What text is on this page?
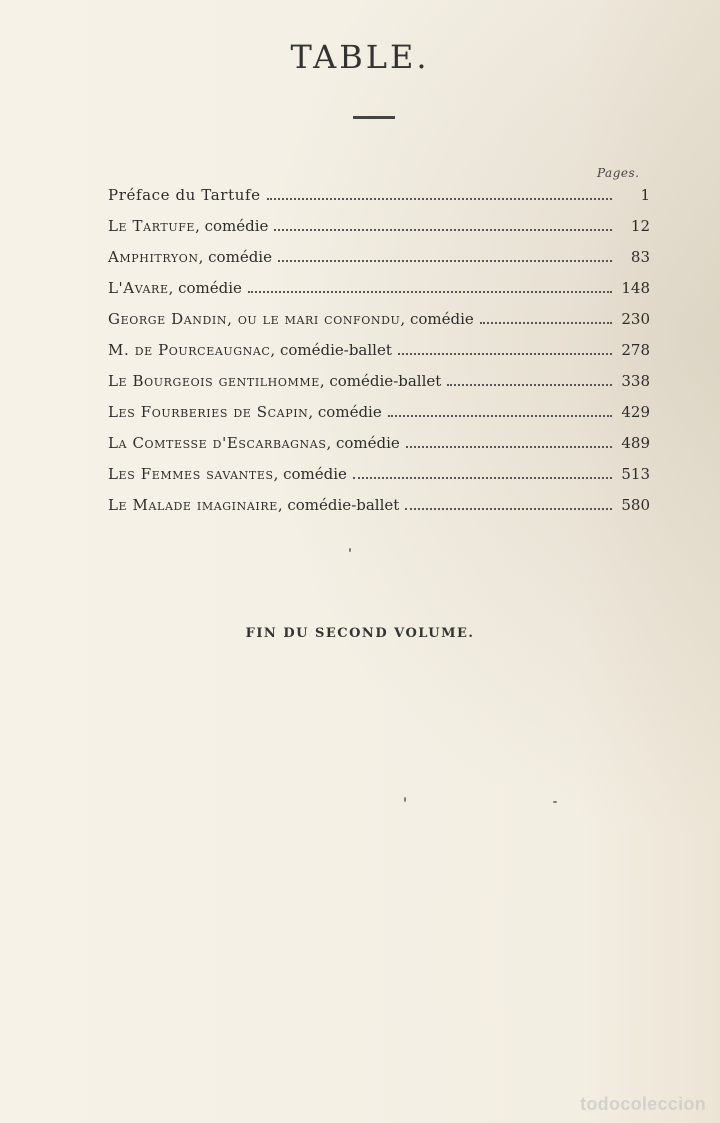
TABLE.
Pages.
Préface du Tartufe	1
Le Tartufe , comédie	12
Amphitryon , comédie	83
L'Avare , comédie	148
George Dandin, ou le mari confondu , comédie	230
M. de Pourceaugnac , comédie-ballet	278
Le Bourgeois gentilhomme , comédie-ballet	338
Les Fourberies de Scapin , comédie	429
La Comtesse d'Escarbagnas , comédie	489
Les Femmes savantes , comédie	513
Le Malade imaginaire , comédie-ballet	580
FIN DU SECOND VOLUME.
todocoleccion
